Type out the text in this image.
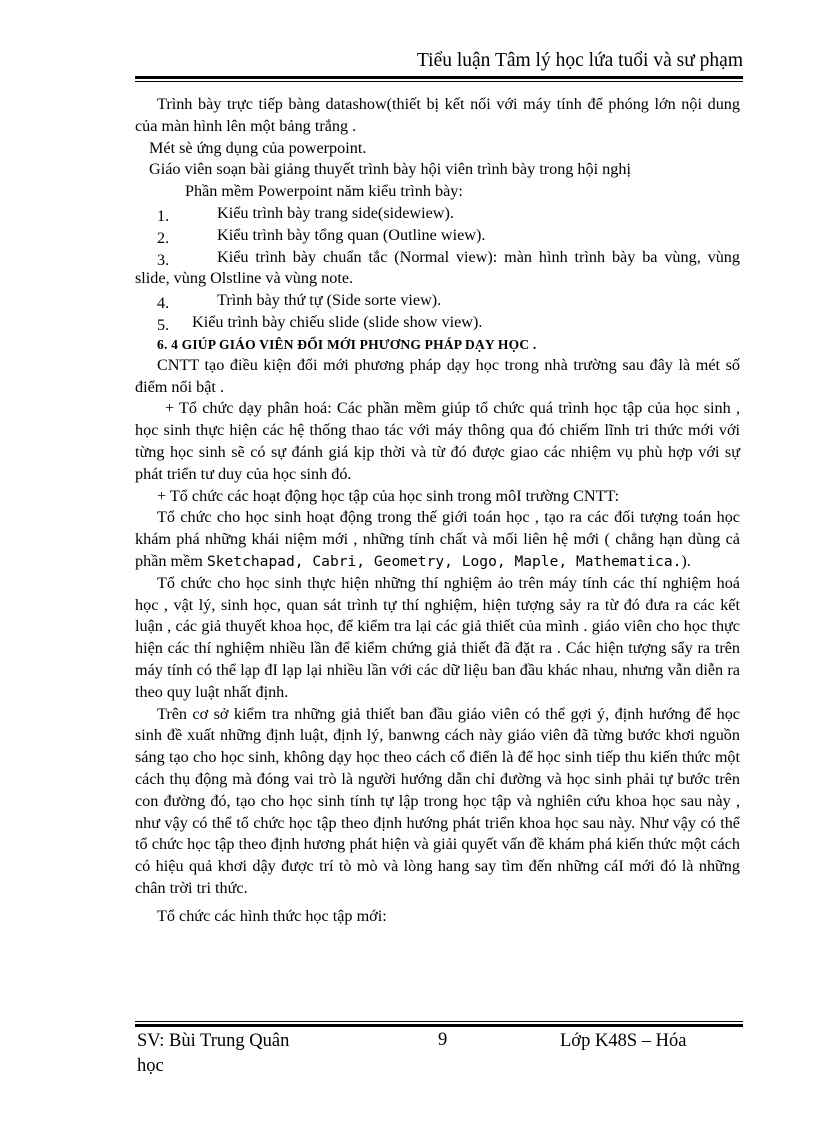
Tiểu luận Tâm lý học lứa tuổi và sư phạm

Trình bày trực tiếp bàng datashow(thiết bị kết nối với máy tính để phóng lớn nội dung của màn hình lên một bảng trắng .

Mét sè ứng dụng của powerpoint.

Giáo viên soạn bài giảng thuyết trình bày hội viên trình bày trong hội nghị

Phần mềm Powerpoint năm kiểu trình bày:

1.	Kiểu trình bày trang side(sidewiew).
2.	Kiểu trình bày tổng quan (Outline wiew).
3.	Kiểu trình bày chuẩn tắc (Normal view): màn hình trình bày ba vùng, vùng slide, vùng Olstline và vùng note.
4.	Trình bày thứ tự (Side sorte view).
5.	Kiểu trình bày chiếu slide (slide show view).

6. 4 GIÚP GIÁO VIÊN ĐỔI MỚI PHƯƠNG PHÁP DẠY HỌC .

CNTT tạo điều kiện đổi mới phương pháp dạy học trong nhà trường sau đây là mét số điểm nổi bật .

+ Tổ chức dạy phân hoá: Các phần mềm giúp tổ chức quá trình học tập của học sinh , học sinh thực hiện các hệ thống thao tác với máy thông qua đó chiếm lĩnh tri thức mới với từng học sinh sẽ có sự đánh giá kịp thời và từ đó được giao các nhiệm vụ phù hợp với sự phát triển tư duy của học sinh đó.

+ Tổ chức các hoạt động học tập của học sinh trong môI trường CNTT:

Tổ chức cho học sinh hoạt động trong thế giới toán học , tạo ra các đối tượng toán học khám phá những khái niệm mới , những tính chất và mối liên hệ mới ( chẳng hạn dùng cả phần mềm Sketchapad, Cabri, Geometry, Logo, Maple, Mathematica.).

Tổ chức cho học sinh thực hiện những thí nghiệm ảo trên máy tính các thí nghiệm hoá học , vật lý, sinh học, quan sát trình tự thí nghiệm, hiện tượng sảy ra từ đó đưa ra các kết luận , các giả thuyết khoa học, để kiểm tra lại các giả thiết của mình . giáo viên cho học thực hiện các thí nghiệm nhiều lần để kiểm chứng giả thiết đã đặt ra . Các hiện tượng sẩy ra trên máy tính có thể lạp đI lạp lại nhiều lần với các dữ liệu ban đầu khác nhau, nhưng vẫn diễn ra theo quy luật nhất định.

Trên cơ sở kiểm tra những giả thiết ban đầu giáo viên có thể gợi ý, định hướng để học sinh đề xuất những định luật, định lý, banwng cách này giáo viên đã từng bước khơi nguồn sáng tạo cho học sinh, không dạy học theo cách cổ điển là để học sinh tiếp thu kiến thức một cách thụ động mà đóng vai trò là người hướng dẫn chỉ đường và học sinh phải tự bước trên con đường đó, tạo cho học sinh tính tự lập trong học tập và nghiên cứu khoa học sau này , như vậy có thể tổ chức học tập theo định hướng phát triển khoa học sau này. Như vậy có thể tổ chức học tập theo định hương phát hiện và giải quyết vấn đề khám phá kiến thức một cách có hiệu quả khơi dậy được trí tò mò và lòng hang say tìm đến những cáI mới đó là những chân trời tri thức.

Tổ chức các hình thức học tập mới:

SV: Bùi Trung Quân	9	Lớp K48S – Hóa
học
